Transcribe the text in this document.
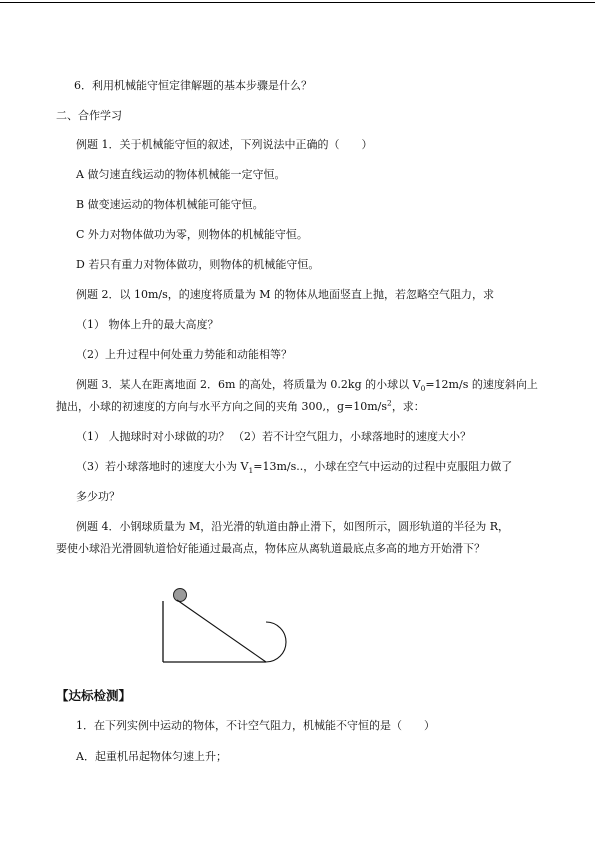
6．利用机械能守恒定律解题的基本步骤是什么？
二、合作学习
例题 1．关于机械能守恒的叙述，下列说法中正确的（　　）
A 做匀速直线运动的物体机械能一定守恒。
B 做变速运动的物体机械能可能守恒。
C 外力对物体做功为零，则物体的机械能守恒。
D 若只有重力对物体做功，则物体的机械能守恒。
例题 2．以 10m/s，的速度将质量为 M 的物体从地面竖直上抛，若忽略空气阻力，求
（1） 物体上升的最大高度？
（2）上升过程中何处重力势能和动能相等？
例题 3．某人在距离地面 2．6m 的高处，将质量为 0.2kg 的小球以 $V_0=12m/s$ 的速度斜向上
抛出，小球的初速度的方向与水平方向之间的夹角 300,，$g=10m/s^2$，求：
（1） 人抛球时对小球做的功？ （2）若不计空气阻力，小球落地时的速度大小？
（3）若小球落地时的速度大小为 $V_1=13m/s$..，小球在空气中运动的过程中克服阻力做了
多少功？
例题 4．小钢球质量为 M，沿光滑的轨道由静止滑下，如图所示，圆形轨道的半径为 R，
要使小球沿光滑圆轨道恰好能通过最高点，物体应从离轨道最底点多高的地方开始滑下？
【达标检测】
1．在下列实例中运动的物体，不计空气阻力，机械能不守恒的是（　　）
A．起重机吊起物体匀速上升；
